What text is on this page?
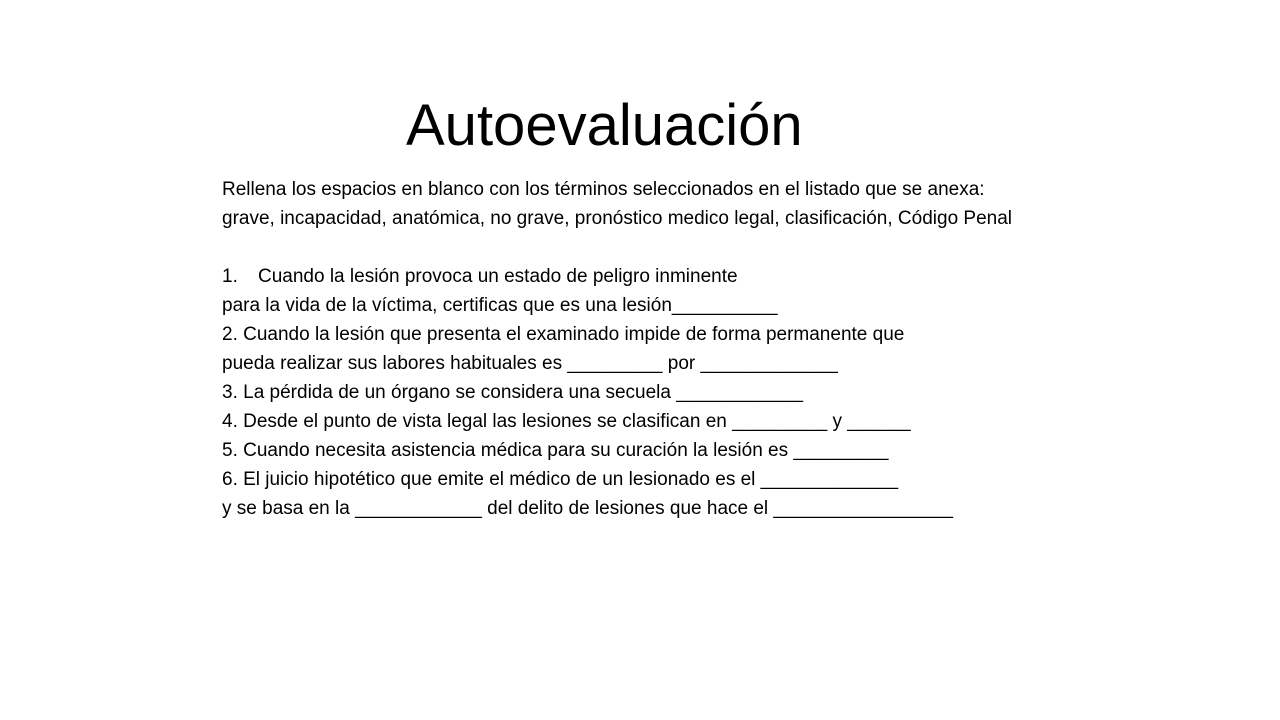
Autoevaluación
Rellena los espacios en blanco con los términos seleccionados en el listado que se anexa:
grave, incapacidad, anatómica, no grave, pronóstico medico legal, clasificación, Código Penal
1.	Cuando la lesión provoca un estado de peligro inminente
para la vida de la víctima, certificas que es una lesión__________
2. Cuando la lesión que presenta el examinado impide de forma permanente que
pueda realizar sus labores habituales es _________ por _____________
3. La pérdida de un órgano se considera una secuela ____________
4. Desde el punto de vista legal las lesiones se clasifican en _________ y ______
5. Cuando necesita asistencia médica para su curación la lesión es _________
6. El juicio hipotético que emite el médico de un lesionado es el _____________
y se basa en la ____________ del delito de lesiones que hace el _________________
